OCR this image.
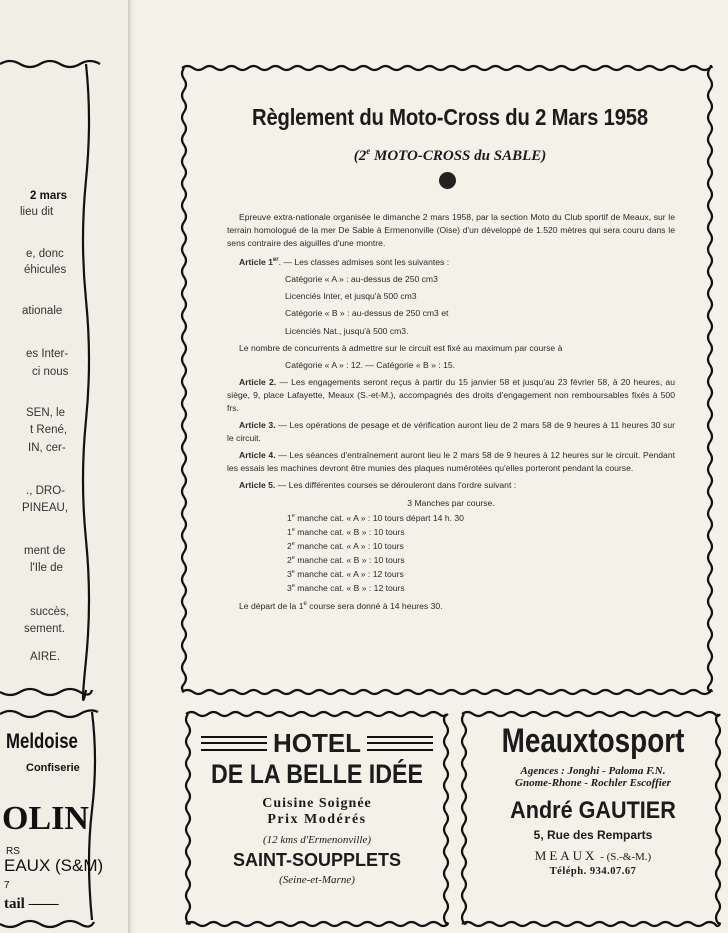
2 mars
lieu dit
e, donc
éhicules
ationale
es Inter-
ci nous
SEN, le
t René,
IN, cer-
., DRO-
PINEAU,
ment de
l'Ile de
succès,
sement.
AIRE.
Meldoise
Confiserie
OLIN
RS
EAUX (S&M)
7
tail ——
Règlement du Moto-Cross du 2 Mars 1958
(2e MOTO-CROSS du SABLE)

Epreuve extra-nationale organisée le dimanche 2 mars 1958, par la section Moto du Club sportif de Meaux, sur le terrain homologué de la mer De Sable à Ermenonville (Oise) d'un développé de 1.520 mètres qui sera couru dans le sens contraire des aiguilles d'une montre.

Article 1er. — Les classes admises sont les suivantes :

Catégorie « A » : au-dessus de 250 cm3

Licenciés Inter, et jusqu'à 500 cm3

Catégorie « B » : au-dessus de 250 cm3 et

Licenciés Nat., jusqu'à 500 cm3.

Le nombre de concurrents à admettre sur le circuit est fixé au maximum par course à

Catégorie « A » : 12. — Catégorie « B » : 15.

Article 2. — Les engagements seront reçus à partir du 15 janvier 58 et jusqu'au 23 février 58, à 20 heures, au siège, 9, place Lafayette, Meaux (S.-et-M.), accompagnés des droits d'engagement non remboursables fixés à 500 frs.

Article 3. — Les opérations de pesage et de vérification auront lieu de 2 mars 58 de 9 heures à 11 heures 30 sur le circuit.

Article 4. — Les séances d'entraînement auront lieu le 2 mars 58 de 9 heures à 12 heures sur le circuit. Pendant les essais les machines devront être munies des plaques numérotées qu'elles porteront pendant la course.

Article 5. — Les différentes courses se dérouleront dans l'ordre suivant :

3 Manches par course.

1e manche cat. « A » : 10 tours départ 14 h. 30

1e manche cat. « B » : 10 tours

2e manche cat. « A » : 10 tours

2e manche cat. « B » : 10 tours

3e manche cat. « A » : 12 tours

3e manche cat. « B » : 12 tours

Le départ de la 1e course sera donné à 14 heures 30.

HOTEL
DE LA BELLE IDÉE
Cuisine Soignée
Prix Modérés
(12 kms d'Ermenonville)
SAINT-SOUPPLETS
(Seine-et-Marne)
Meauxtosport
Agences : Jonghi - Paloma F.N.
Gnome-Rhone - Rochler Escoffier
André GAUTIER
5, Rue des Remparts
MEAUX - (S.-&-M.)
Téléph. 934.07.67
